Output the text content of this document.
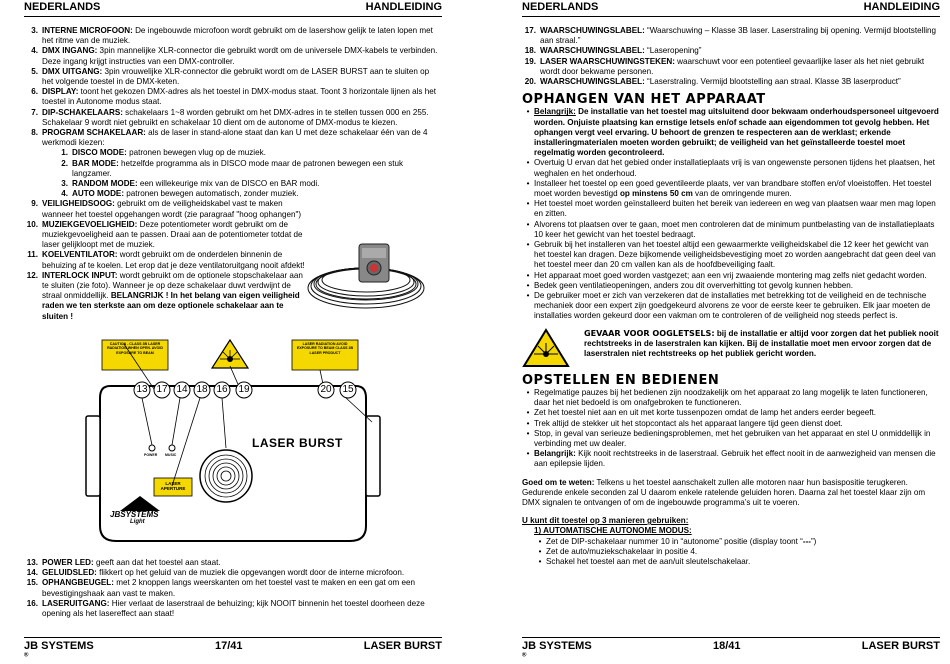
NEDERLANDS	HANDLEIDING
3. INTERNE MICROFOON: De ingebouwde microfoon wordt gebruikt om de lasershow gelijk te laten lopen met het ritme van de muziek.
4. DMX INGANG: 3pin mannelijke XLR-connector die gebruikt wordt om de universele DMX-kabels te verbinden. Deze ingang krijgt instructies van een DMX-controller.
5. DMX UITGANG: 3pin vrouwelijke XLR-connector die gebruikt wordt om de LASER BURST aan te sluiten op het volgende toestel in de DMX-keten.
6. DISPLAY: toont het gekozen DMX-adres als het toestel in DMX-modus staat. Toont 3 horizontale lijnen als het toestel in Autonome modus staat.
7. DIP-SCHAKELAARS: schakelaars 1~8 worden gebruikt om het DMX-adres in te stellen tussen 000 en 255. Schakelaar 9 wordt niet gebruikt en schakelaar 10 dient om de autonome of DMX-modus te kiezen.
8. PROGRAM SCHAKELAAR: als de laser in stand-alone staat dan kan U met deze schakelaar één van de 4 werkmodi kiezen:
1. DISCO MODE: patronen bewegen vlug op de muziek.
2. BAR MODE: hetzelfde programma als in DISCO mode maar de patronen bewegen een stuk langzamer.
3. RANDOM MODE: een willekeurige mix van de DISCO en BAR modi.
4. AUTO MODE: patronen bewegen automatisch, zonder muziek.
9. VEILIGHEIDSOOG: gebruikt om de veiligheidskabel vast te maken wanneer het toestel opgehangen wordt (zie paragraaf "hoog ophangen")
10. MUZIEKGEVOELIGHEID: Deze potentiometer wordt gebruikt om de muziekgevoeligheid aan te passen. Draai aan de potentiometer totdat de laser gelijkloopt met de muziek.
11. KOELVENTILATOR: wordt gebruikt om de onderdelen binnenin de behuizing af te koelen. Let erop dat je deze ventilatoruitgang nooit afdekt!
12. INTERLOCK INPUT: wordt gebruikt om de optionele stopschakelaar aan te sluiten (zie foto). Wanneer je op deze schakelaar duwt verdwijnt de straal onmiddellijk. BELANGRIJK ! In het belang van eigen veiligheid raden we ten sterkste aan om deze optionele schakelaar aan te sluiten !
CAUTION - CLASS 3B LASER RADIATION WHEN OPEN. AVOID EXPOSURE TO BEAM
LASER RADIATION AVOID EXPOSURE TO BEAM CLASS 3B LASER PRODUCT
13 17 14 18 16 19	20 15
LASER BURST
POWER MUSIC
LASER APERTURE
JBSYSTEMS
Light
13. POWER LED: geeft aan dat het toestel aan staat.
14. GELUIDSLED: flikkert op het geluid van de muziek die opgevangen wordt door de interne microfoon.
15. OPHANGBEUGEL: met 2 knoppen langs weerskanten om het toestel vast te maken en een gat om een bevestigingshaak aan vast te maken.
16. LASERUITGANG: Hier verlaat de laserstraal de behuizing; kijk NOOIT binnenin het toestel doorheen deze opening als het lasereffect aan staat!
JB SYSTEMS
®
17/41	LASER BURST
NEDERLANDS	HANDLEIDING
17. WAARSCHUWINGSLABEL: “Waarschuwing – Klasse 3B laser. Laserstraling bij opening. Vermijd blootstelling aan straal.”
18. WAARSCHUWINGSLABEL: “Laseropening”
19. LASER WAARSCHUWINGSTEKEN: waarschuwt voor een potentieel gevaarlijke laser als het niet gebruikt wordt door bekwame personen.
20. WAARSCHUWINGSLABEL: “Laserstraling. Vermijd blootstelling aan straal. Klasse 3B laserproduct”
OPHANGEN VAN HET APPARAAT
• Belangrijk: De installatie van het toestel mag uitsluitend door bekwaam onderhoudspersoneel uitgevoerd worden. Onjuiste plaatsing kan ernstige letsels en/of schade aan eigendommen tot gevolg hebben. Het ophangen vergt veel ervaring. U behoort de grenzen te respecteren aan de werklast; erkende installeringmaterialen moeten worden gebruikt; de veiligheid van het geïnstalleerde toestel moet regelmatig worden gecontroleerd.
• Overtuig U ervan dat het gebied onder installatieplaats vrij is van ongewenste personen tijdens het plaatsen, het weghalen en het onderhoud.
• Installeer het toestel op een goed geventileerde plaats, ver van brandbare stoffen en/of vloeistoffen. Het toestel moet worden bevestigd op minstens 50 cm van de omringende muren.
• Het toestel moet worden geïnstalleerd buiten het bereik van iedereen en weg van plaatsen waar men mag lopen en zitten.
• Alvorens tot plaatsen over te gaan, moet men controleren dat de minimum puntbelasting van de installatieplaats 10 keer het gewicht van het toestel bedraagt.
• Gebruik bij het installeren van het toestel altijd een gewaarmerkte veiligheidskabel die 12 keer het gewicht van het toestel kan dragen. Deze bijkomende veiligheidsbevestiging moet zo worden aangebracht dat geen deel van het toestel meer dan 20 cm vallen kan als de hoofdbeveiliging faalt.
• Het apparaat moet goed worden vastgezet; aan een vrij zwaaiende montering mag zelfs niet gedacht worden.
• Bedek geen ventilatieopeningen, anders zou dit oververhitting tot gevolg kunnen hebben.
• De gebruiker moet er zich van verzekeren dat de installaties met betrekking tot de veiligheid en de technische mechaniek door een expert zijn goedgekeurd alvorens ze voor de eerste keer te gebruiken. Elk jaar moeten de installaties worden gekeurd door een vakman om te controleren of de veiligheid nog steeds perfect is.
GEVAAR VOOR OOGLETSELS: bij de installatie er altijd voor zorgen dat het publiek nooit rechtstreeks in de laserstralen kan kijken. Bij de installatie moet men ervoor zorgen dat de laserstralen niet rechtstreeks op het publiek gericht worden.
OPSTELLEN EN BEDIENEN
• Regelmatige pauzes bij het bedienen zijn noodzakelijk om het apparaat zo lang mogelijk te laten functioneren, daar het niet bedoeld is om onafgebroken te functioneren.
• Zet het toestel niet aan en uit met korte tussenpozen omdat de lamp het anders eerder begeeft.
• Trek altijd de stekker uit het stopcontact als het apparaat langere tijd geen dienst doet.
• Stop, in geval van serieuze bedieningsproblemen, met het gebruiken van het apparaat en stel U onmiddellijk in verbinding met uw dealer.
• Belangrijk: Kijk nooit rechtstreeks in de laserstraal. Gebruik het effect nooit in de aanwezigheid van mensen die aan epilepsie lijden.
Goed om te weten: Telkens u het toestel aanschakelt zullen alle motoren naar hun basispositie terugkeren. Gedurende enkele seconden zal U daarom enkele ratelende geluiden horen. Daarna zal het toestel klaar zijn om DMX signalen te ontvangen of om de ingebouwde programma’s uit te voeren.
U kunt dit toestel op 3 manieren gebruiken:
1) AUTOMATISCHE AUTONOME MODUS:
• Zet de DIP-schakelaar nummer 10 in “autonome” positie (display toont “---”)
• Zet de auto/muziekschakelaar in positie 4.
• Schakel het toestel aan met de aan/uit sleutelschakelaar.
JB SYSTEMS
®
18/41	LASER BURST
